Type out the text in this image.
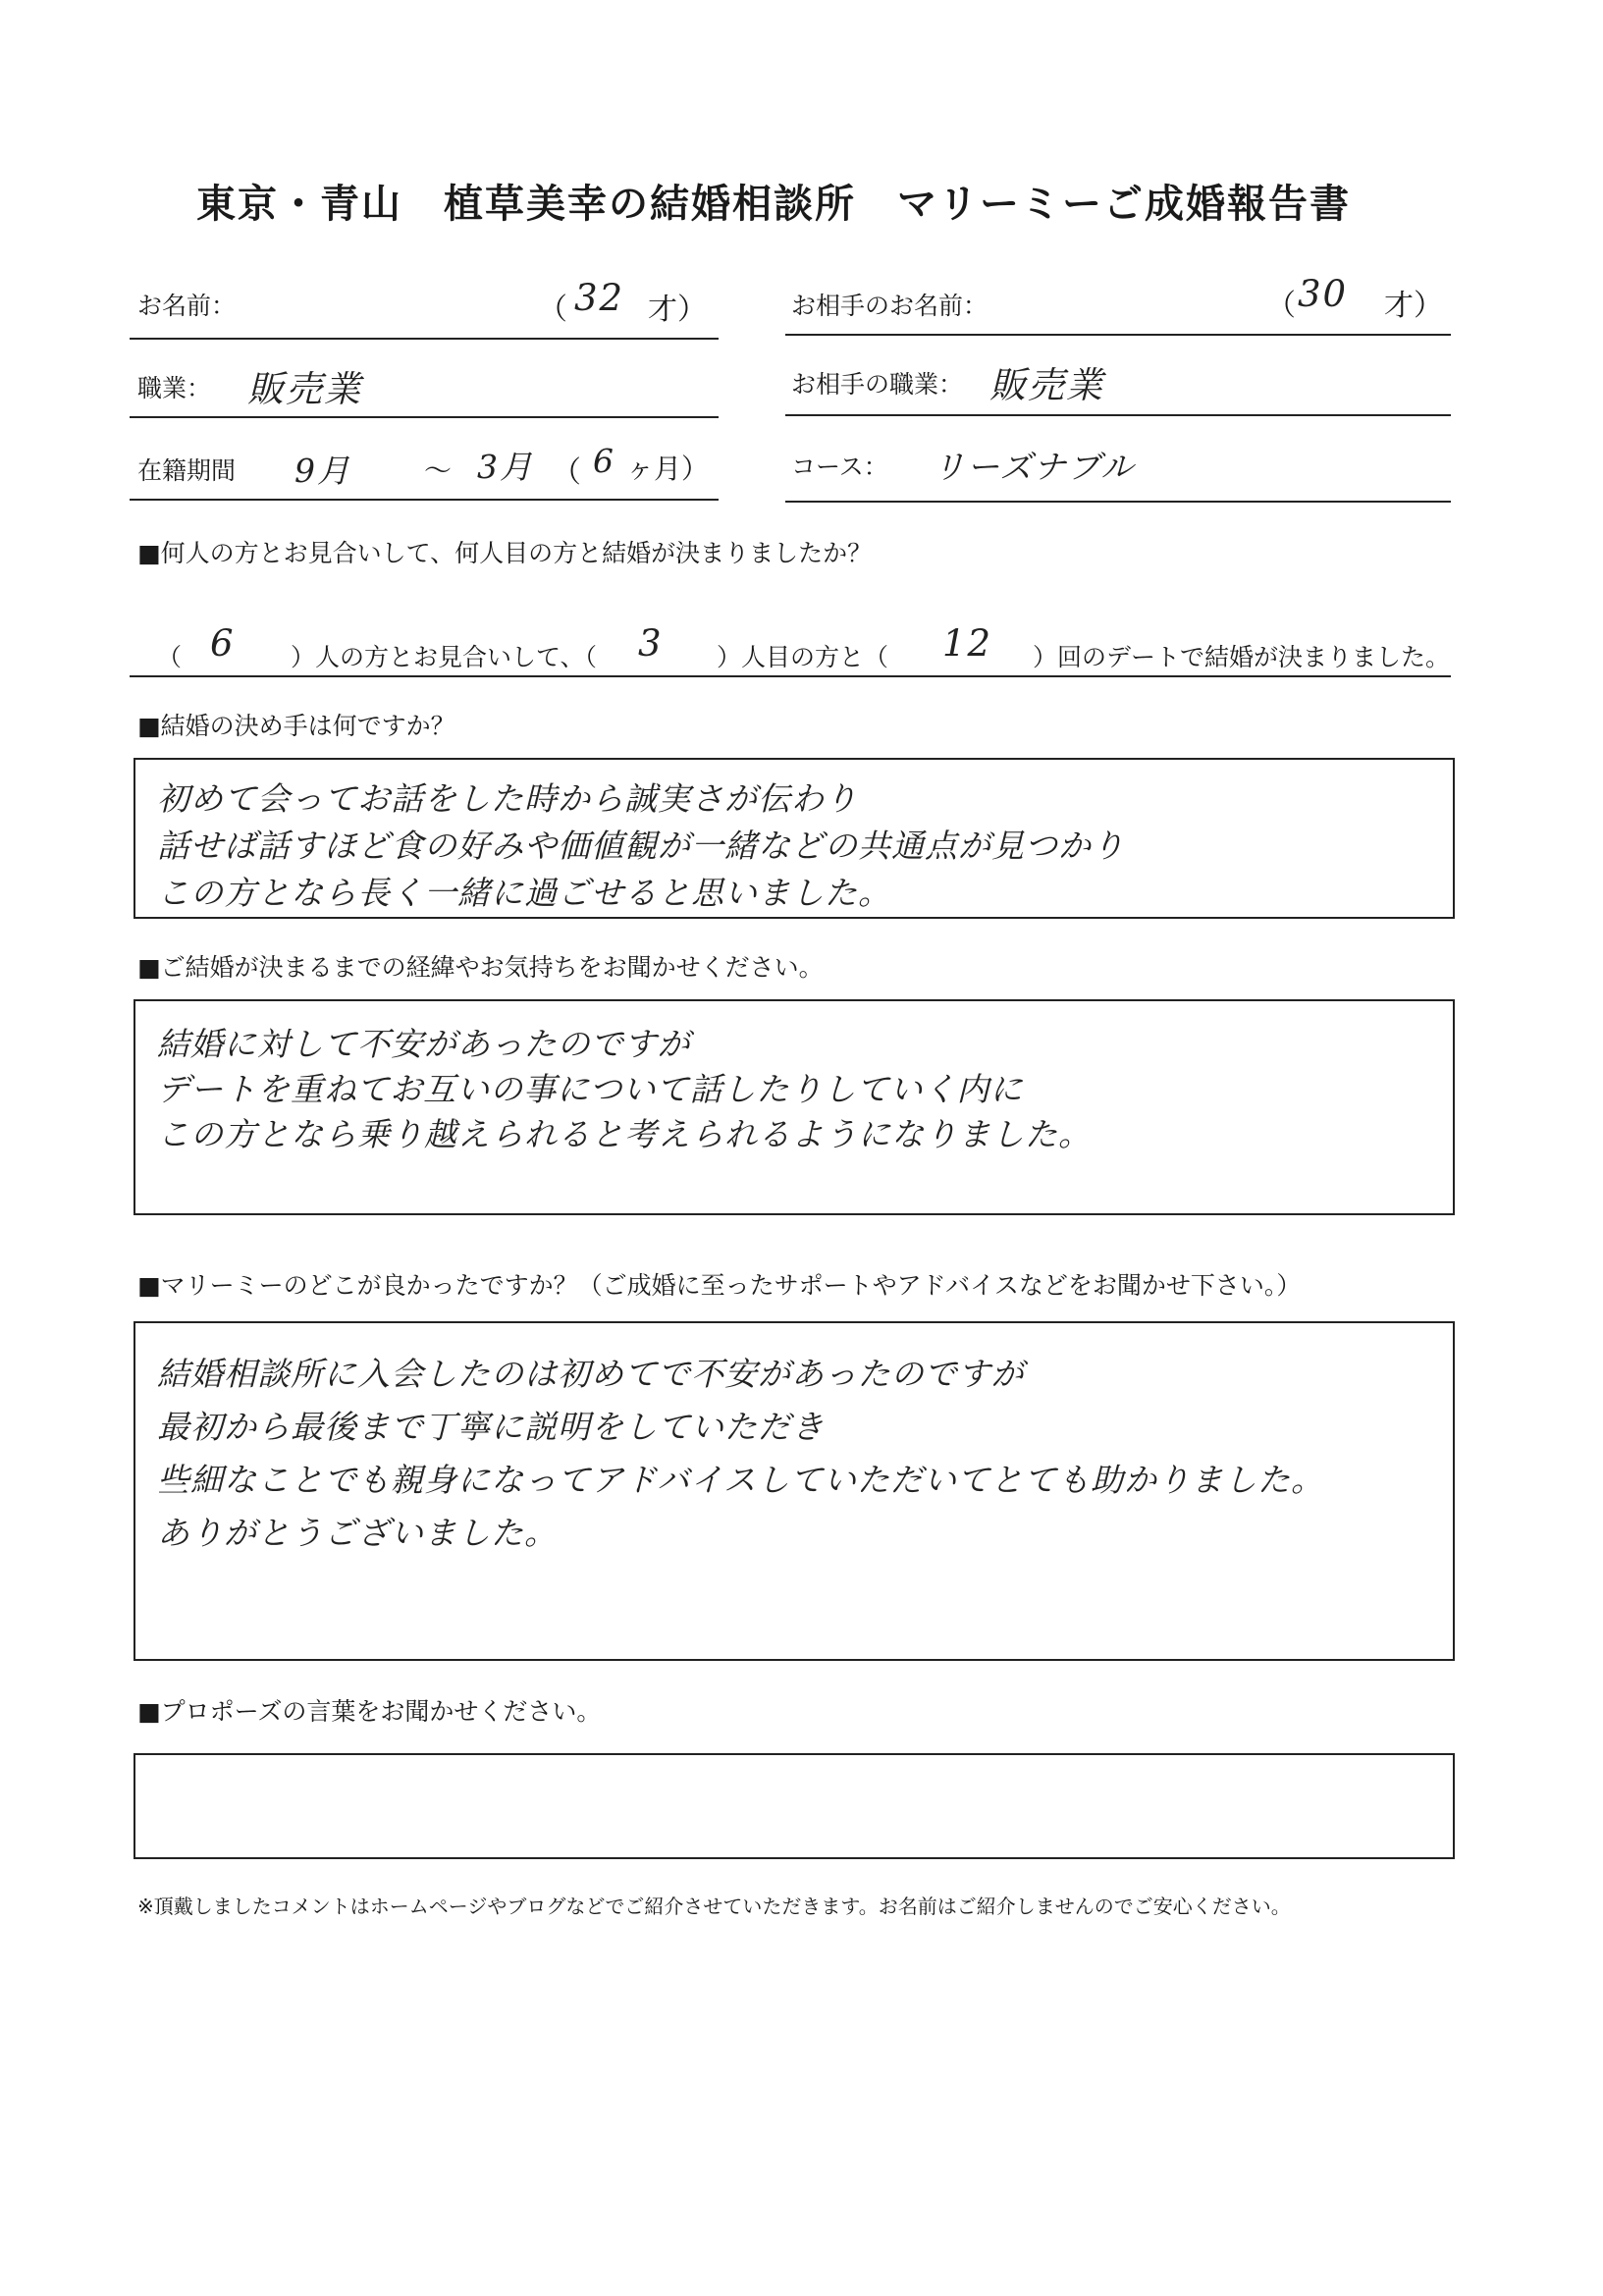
東京・青山　植草美幸の結婚相談所　マリーミーご成婚報告書
お名前：	（ 32 才）	お相手のお名前：	（ 30 才）
職業： 販売業	お相手の職業： 販売業
在籍期間 9月	～ 3月 （ 6 ヶ月）	コース： リーズナブル
■何人の方とお見合いして、何人目の方と結婚が決まりましたか？
（ 6 ）人の方とお見合いして、（ 3 ）人目の方と（ 12 ）回のデートで結婚が決まりました。
■結婚の決め手は何ですか？
初めて会ってお話をした時から誠実さが伝わり
話せば話すほど食の好みや価値観が一緒などの共通点が見つかり
この方となら長く一緒に過ごせると思いました。
■ご結婚が決まるまでの経緯やお気持ちをお聞かせください。
結婚に対して不安があったのですが
デートを重ねてお互いの事について話したりしていく内に
この方となら乗り越えられると考えられるようになりました。
■マリーミーのどこが良かったですか？（ご成婚に至ったサポートやアドバイスなどをお聞かせ下さい。）
結婚相談所に入会したのは初めてで不安があったのですが
最初から最後まで丁寧に説明をしていただき
些細なことでも親身になってアドバイスしていただいてとても助かりました。
ありがとうございました。
■プロポーズの言葉をお聞かせください。
※頂戴しましたコメントはホームページやブログなどでご紹介させていただきます。お名前はご紹介しませんのでご安心ください。
